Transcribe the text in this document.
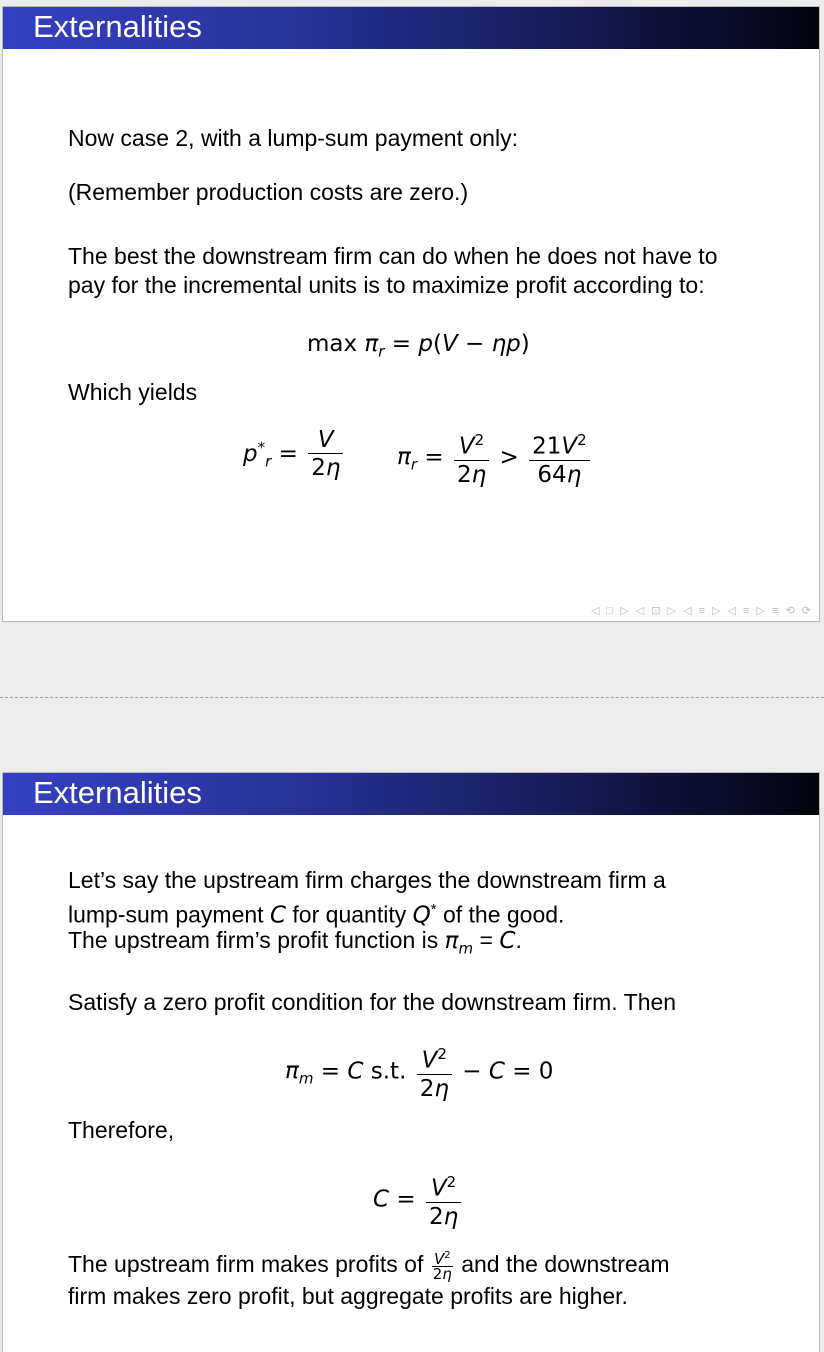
Externalities
Now case 2, with a lump-sum payment only:
(Remember production costs are zero.)
The best the downstream firm can do when he does not have to
pay for the incremental units is to maximize profit according to:
$\max \pi_r = p(V - \eta p)$
Which yields
$p^*_r = \frac{V}{2\eta} \pi_r = \frac{V^2}{2\eta} > \frac{21V^2}{64\eta}$
◁ □ ▷ ◁ ⊡ ▷ ◁ ≡ ▷ ◁ ≡ ▷ ≡ ⟲ ⟳
Externalities
Let’s say the upstream firm charges the downstream firm a
lump-sum payment C for quantity Q* of the good.
The upstream firm’s profit function is $\pi_m = C$.
Satisfy a zero profit condition for the downstream firm. Then
$\pi_m = C$ s.t. $\frac{V^2}{2\eta} - C = 0$
Therefore,
$C = \frac{V^2}{2\eta}$
The upstream firm makes profits of $\frac{V^2}{2\eta}$ and the downstream
firm makes zero profit, but aggregate profits are higher.
